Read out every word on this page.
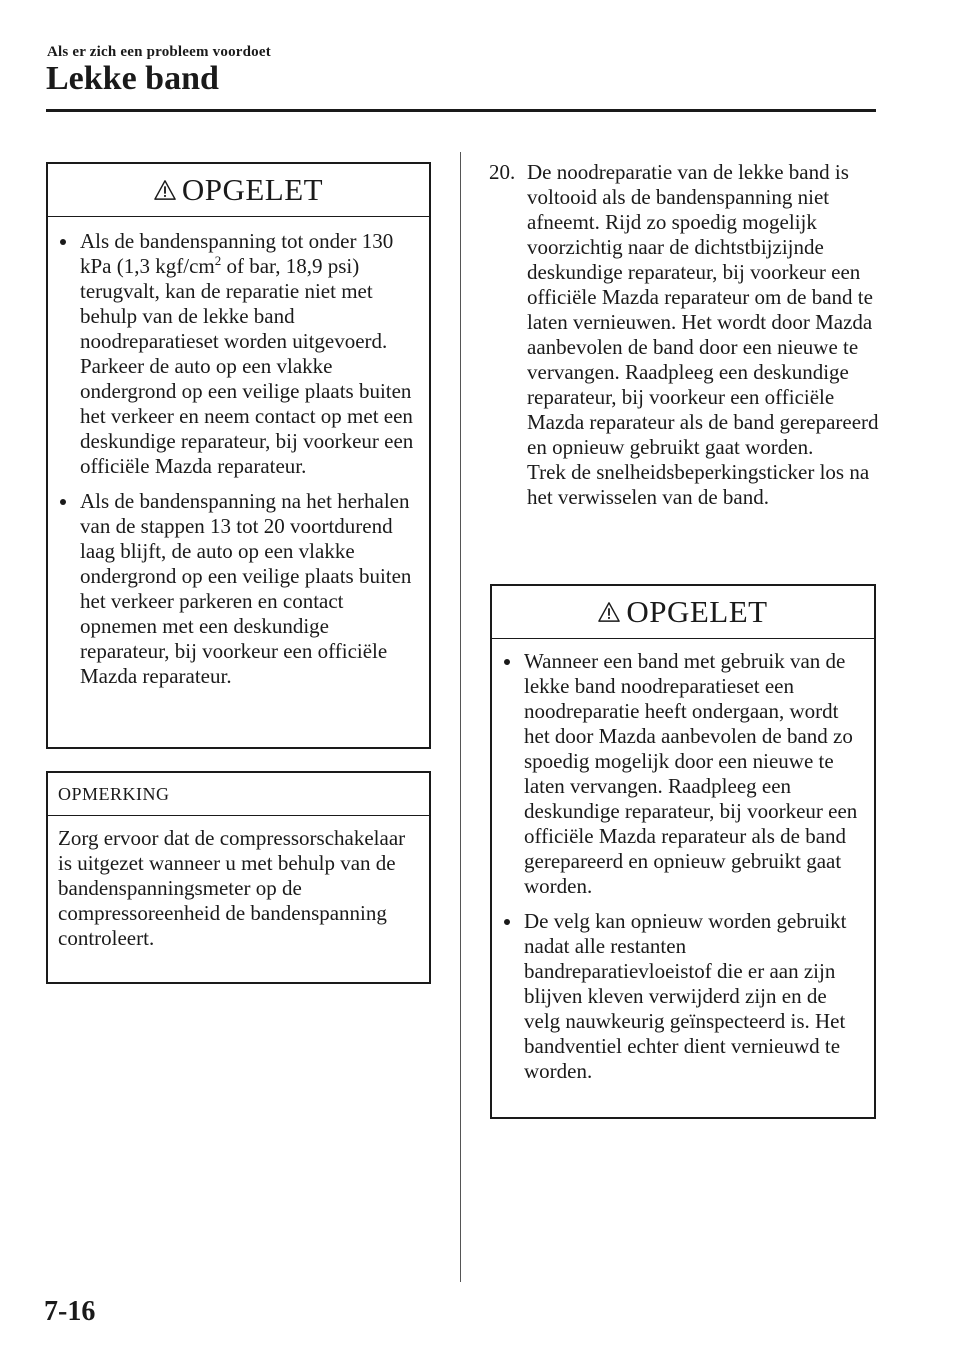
Als er zich een probleem voordoet
Lekke band
OPGELET
Als de bandenspanning tot onder 130 kPa (1,3 kgf/$cm^2$ of bar, 18,9 psi) terugvalt, kan de reparatie niet met behulp van de lekke band noodreparatieset worden uitgevoerd. Parkeer de auto op een vlakke ondergrond op een veilige plaats buiten het verkeer en neem contact op met een deskundige reparateur, bij voorkeur een officiële Mazda reparateur.
Als de bandenspanning na het herhalen van de stappen 13 tot 20 voortdurend laag blijft, de auto op een vlakke ondergrond op een veilige plaats buiten het verkeer parkeren en contact opnemen met een deskundige reparateur, bij voorkeur een officiële Mazda reparateur.
OPMERKING
Zorg ervoor dat de compressorschakelaar is uitgezet wanneer u met behulp van de bandenspanningsmeter op de compressoreenheid de bandenspanning controleert.
20. De noodreparatie van de lekke band is voltooid als de bandenspanning niet afneemt. Rijd zo spoedig mogelijk voorzichtig naar de dichtstbijzijnde deskundige reparateur, bij voorkeur een officiële Mazda reparateur om de band te laten vernieuwen. Het wordt door Mazda aanbevolen de band door een nieuwe te vervangen. Raadpleeg een deskundige reparateur, bij voorkeur een officiële Mazda reparateur als de band gerepareerd en opnieuw gebruikt gaat worden.
Trek de snelheidsbeperkingsticker los na het verwisselen van de band.
OPGELET
Wanneer een band met gebruik van de lekke band noodreparatieset een noodreparatie heeft ondergaan, wordt het door Mazda aanbevolen de band zo spoedig mogelijk door een nieuwe te laten vervangen. Raadpleeg een deskundige reparateur, bij voorkeur een officiële Mazda reparateur als de band gerepareerd en opnieuw gebruikt gaat worden.
De velg kan opnieuw worden gebruikt nadat alle restanten bandreparatievloeistof die er aan zijn blijven kleven verwijderd zijn en de velg nauwkeurig geïnspecteerd is. Het bandventiel echter dient vernieuwd te worden.
7-16
